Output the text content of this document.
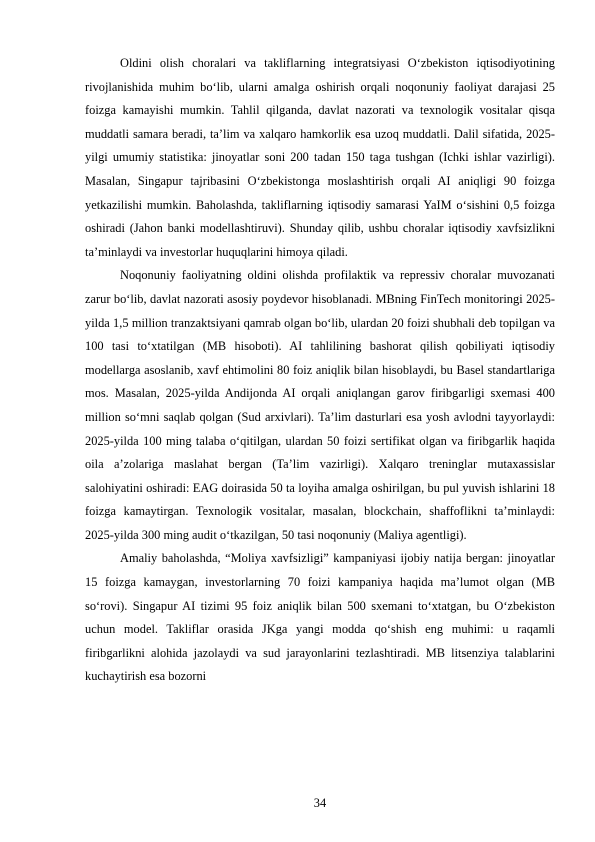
Oldini olish choralari va takliflarning integratsiyasi O‘zbekiston iqtisodiyotining rivojlanishida muhim bo‘lib, ularni amalga oshirish orqali noqonuniy faoliyat darajasi 25 foizga kamayishi mumkin. Tahlil qilganda, davlat nazorati va texnologik vositalar qisqa muddatli samara beradi, ta’lim va xalqaro hamkorlik esa uzoq muddatli. Dalil sifatida, 2025-yilgi umumiy statistika: jinoyatlar soni 200 tadan 150 taga tushgan (Ichki ishlar vazirligi). Masalan, Singapur tajribasini O‘zbekistonga moslashtirish orqali AI aniqligi 90 foizga yetkazilishi mumkin. Baholashda, takliflarning iqtisodiy samarasi YaIM o‘sishini 0,5 foizga oshiradi (Jahon banki modellashtiruvi). Shunday qilib, ushbu choralar iqtisodiy xavfsizlikni ta’minlaydi va investorlar huquqlarini himoya qiladi.

Noqonuniy faoliyatning oldini olishda profilaktik va repressiv choralar muvozanati zarur bo‘lib, davlat nazorati asosiy poydevor hisoblanadi. MBning FinTech monitoringi 2025-yilda 1,5 million tranzaktsiyani qamrab olgan bo‘lib, ulardan 20 foizi shubhali deb topilgan va 100 tasi to‘xtatilgan (MB hisoboti). AI tahlilining bashorat qilish qobiliyati iqtisodiy modellarga asoslanib, xavf ehtimolini 80 foiz aniqlik bilan hisoblaydi, bu Basel standartlariga mos. Masalan, 2025-yilda Andijonda AI orqali aniqlangan garov firibgarligi sxemasi 400 million so‘mni saqlab qolgan (Sud arxivlari). Ta’lim dasturlari esa yosh avlodni tayyorlaydi: 2025-yilda 100 ming talaba o‘qitilgan, ulardan 50 foizi sertifikat olgan va firibgarlik haqida oila a’zolariga maslahat bergan (Ta’lim vazirligi). Xalqaro treninglar mutaxassislar salohiyatini oshiradi: EAG doirasida 50 ta loyiha amalga oshirilgan, bu pul yuvish ishlarini 18 foizga kamaytirgan. Texnologik vositalar, masalan, blockchain, shaffoflikni ta’minlaydi: 2025-yilda 300 ming audit o‘tkazilgan, 50 tasi noqonuniy (Maliya agentligi).

Amaliy baholashda, “Moliya xavfsizligi” kampaniyasi ijobiy natija bergan: jinoyatlar 15 foizga kamaygan, investorlarning 70 foizi kampaniya haqida ma’lumot olgan (MB so‘rovi). Singapur AI tizimi 95 foiz aniqlik bilan 500 sxemani to‘xtatgan, bu O‘zbekiston uchun model. Takliflar orasida JKga yangi modda qo‘shish eng muhimi: u raqamli firibgarlikni alohida jazolaydi va sud jarayonlarini tezlashtiradi. MB litsenziya talablarini kuchaytirish esa bozorni

34
